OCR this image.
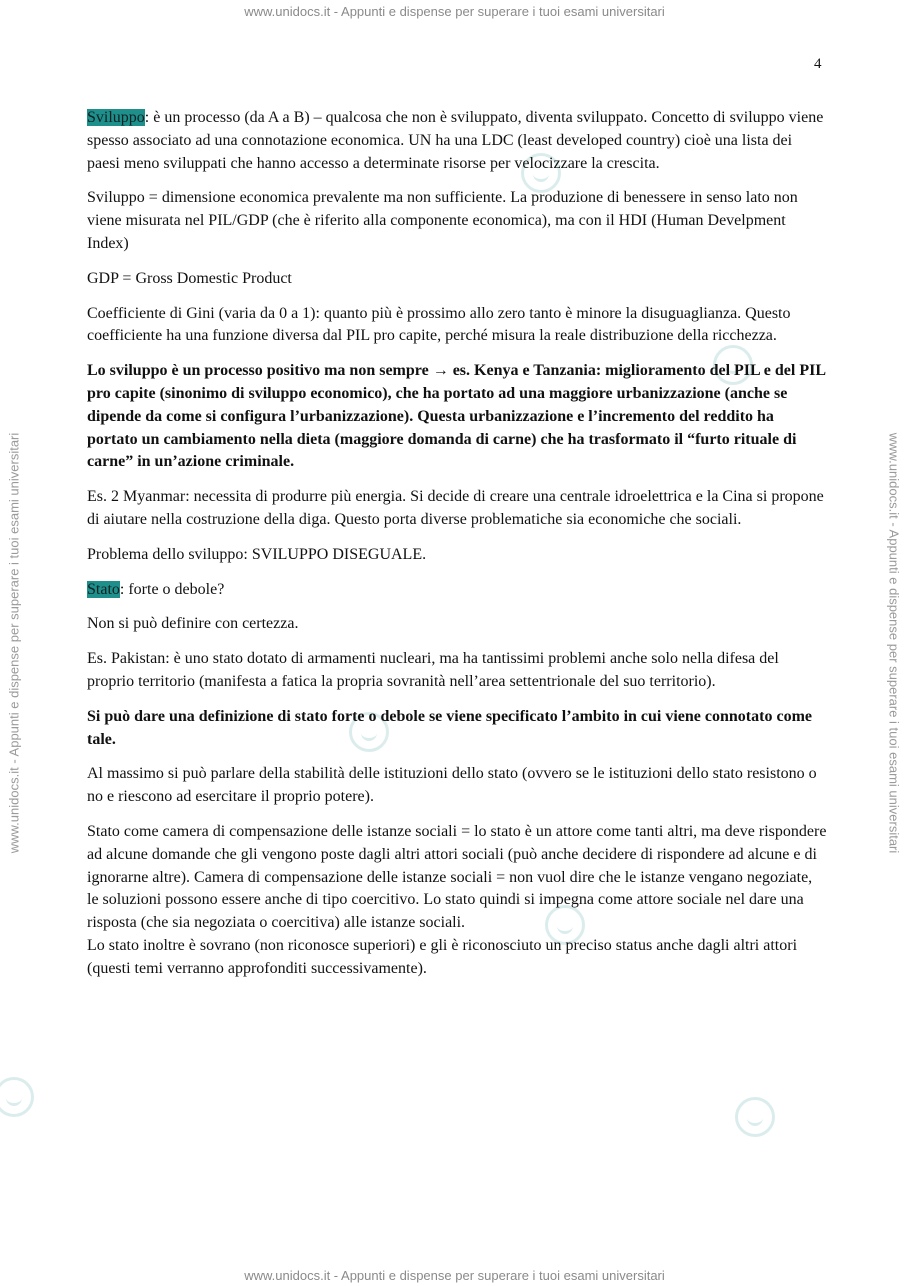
www.unidocs.it - Appunti e dispense per superare i tuoi esami universitari
www.unidocs.it - Appunti e dispense per superare i tuoi esami universitari
www.unidocs.it - Appunti e dispense per superare i tuoi esami universitari	www.unidocs.it - Appunti e dispense per superare i tuoi esami universitari
4

Sviluppo: è un processo (da A a B) – qualcosa che non è sviluppato, diventa sviluppato. Concetto di sviluppo viene spesso associato ad una connotazione economica. UN ha una LDC (least developed country) cioè una lista dei paesi meno sviluppati che hanno accesso a determinate risorse per velocizzare la crescita.

Sviluppo = dimensione economica prevalente ma non sufficiente. La produzione di benessere in senso lato non viene misurata nel PIL/GDP (che è riferito alla componente economica), ma con il HDI (Human Develpment Index)

GDP = Gross Domestic Product

Coefficiente di Gini (varia da 0 a 1): quanto più è prossimo allo zero tanto è minore la disuguaglianza. Questo coefficiente ha una funzione diversa dal PIL pro capite, perché misura la reale distribuzione della ricchezza.

Lo sviluppo è un processo positivo ma non sempre → es. Kenya e Tanzania: miglioramento del PIL e del PIL pro capite (sinonimo di sviluppo economico), che ha portato ad una maggiore urbanizzazione (anche se dipende da come si configura l’urbanizzazione). Questa urbanizzazione e l’incremento del reddito ha portato un cambiamento nella dieta (maggiore domanda di carne) che ha trasformato il “furto rituale di carne” in un’azione criminale.

Es. 2 Myanmar: necessita di produrre più energia. Si decide di creare una centrale idroelettrica e la Cina si propone di aiutare nella costruzione della diga. Questo porta diverse problematiche sia economiche che sociali.

Problema dello sviluppo: SVILUPPO DISEGUALE.

Stato: forte o debole?

Non si può definire con certezza.

Es. Pakistan: è uno stato dotato di armamenti nucleari, ma ha tantissimi problemi anche solo nella difesa del proprio territorio (manifesta a fatica la propria sovranità nell’area settentrionale del suo territorio).

Si può dare una definizione di stato forte o debole se viene specificato l’ambito in cui viene connotato come tale.

Al massimo si può parlare della stabilità delle istituzioni dello stato (ovvero se le istituzioni dello stato resistono o no e riescono ad esercitare il proprio potere).

Stato come camera di compensazione delle istanze sociali = lo stato è un attore come tanti altri, ma deve rispondere ad alcune domande che gli vengono poste dagli altri attori sociali (può anche decidere di rispondere ad alcune e di ignorarne altre). Camera di compensazione delle istanze sociali = non vuol dire che le istanze vengano negoziate, le soluzioni possono essere anche di tipo coercitivo. Lo stato quindi si impegna come attore sociale nel dare una risposta (che sia negoziata o coercitiva) alle istanze sociali.

Lo stato inoltre è sovrano (non riconosce superiori) e gli è riconosciuto un preciso status anche dagli altri attori (questi temi verranno approfonditi successivamente).
